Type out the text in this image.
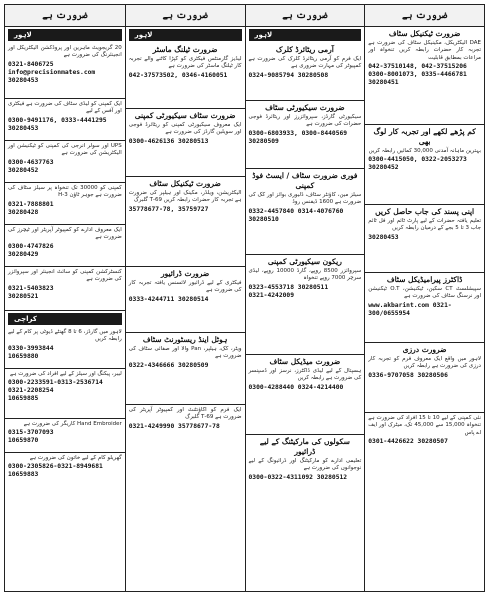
ضرورت ہے
ضرورت ٹیکنیکل سٹاف
DAE الیکٹریکل، مکینیکل سٹاف کی ضرورت ہے تجربہ کار حضرات رابطہ کریں تنخواہ اور مراعات بمطابق قابلیت
042-37510148, 042-37515206
0300-8001073, 0335-4466781
30280451
کم پڑھے لکھے اور تجربہ کار لوگ بھی
بہترین ماہانہ آمدنی 30,000 کمائیں رابطہ کریں
0300-4415050, 0322-2053273
30280452
اپنی پسند کی جاب حاصل کریں
تعلیم یافتہ حضرات کے لیے پارٹ ٹائم اور فل ٹائم جاب 3 تا 5 بجے کے درمیان رابطہ کریں
30280453
ڈاکٹرز پیرامیڈیکل سٹاف
سپیشلسٹ CT سکین، ٹیکنیشن، O.T ٹیکنیشن اور نرسنگ سٹاف کی ضرورت ہے
www.akbarint.com 0321-300/0655954
ضرورت درزی
لاہور میں واقع ایک معروف فرم کو تجربہ کار درزی کی ضرورت ہے رابطہ کریں
0336-9707058 30280506
نئی کمپنی کے لیے 10 تا 15 افراد کی ضرورت ہے تنخواہ 15,000 سے 45,000 تک، میٹرک اور ایف اے پاس
0301-4426622 30280507
ضرورت ہے
لاہور
آرمی ریٹائرڈ کلرک
ایک فرم کو آرمی ریٹائرڈ کلرک کی ضرورت ہے کمپیوٹر کی مہارت ضروری ہے
0324-9085794 30280508
ضرورت سیکیورٹی سٹاف
سیکیورٹی گارڈز، سپروائزرز اور ریٹائرڈ فوجی حضرات کی ضرورت ہے
0300-6803933, 0300-8440569
30280509
فوری ضرورت سٹاف / ایسٹ فوڈ کمپنی
سیلز مین، کاؤنٹر سٹاف، ڈلیوری بوائز اور کک کی ضرورت ہے 1600 ڈیفنس روڈ
0332-4457840 0314-4076760
30280510
ریکون سیکیورٹی کمپنی
سپروائزر 8500 روپے، گارڈ 10000 روپے، لیڈی سرچر 7000 روپے تنخواہ
0323-4553718 30280511
0321-4242009
ضرورت میڈیکل سٹاف
ہسپتال کے لیے لیڈی ڈاکٹرز، نرسز اور ڈسپنسر کی ضرورت ہے رابطہ کریں
0300-4288440 0324-4214400
سکولوں کی مارکیٹنگ کے لیے ڈرائیور
تعلیمی ادارے کو مارکیٹنگ اور ڈرائیونگ کے لیے نوجوانوں کی ضرورت ہے
0300-0322-4311092 30280512
ضرورت ہے
لاہور
ضرورت ٹیلنگ ماسٹر
لیڈیز گارمنٹس فیکٹری کو کپڑا کاٹنے والے تجربہ کار ٹیلنگ ماسٹر کی ضرورت ہے
042-37573502, 0346-4160051
ضرورت سٹاف سیکیورٹی کمپنی
ایک معروف سیکیورٹی کمپنی کو ریٹائرڈ فوجی اور سویلین گارڈز کی ضرورت ہے
0300-4626136 30280513
ضرورت ٹیکنیکل سٹاف
الیکٹریشن، ویلڈر، مکینک اور ہیلپر کی ضرورت ہے تجربہ کار حضرات رابطہ کریں 69-T گلبرگ
35778677-78, 35759727
ضرورت ڈرائیور
فیکٹری کے لیے ڈرائیور لائسنس یافتہ تجربہ کار کی ضرورت ہے
0333-4244711 30280514
ہوٹل اینڈ ریسٹورنٹ سٹاف
ویٹر، کک، ہیلپر، Pan والا اور صفائی سٹاف کی ضرورت ہے
0322-4346666 30280509
ایک فرم کو اکاؤنٹنٹ اور کمپیوٹر آپریٹر کی ضرورت ہے 69-T گلبرگ
0321-4249990 35778677-78
ضرورت ہے
لاہور
20 گریجویٹ ماہرین اور پروڈکشن الیکٹریکل اور انجینئرنگ کی ضرورت ہے
0321-8406725 info@precisionmates.com
30280453
ایک کمپنی کو لیڈی سٹاف کی ضرورت ہے فیکٹری اور آفس کے لیے
0300-9491176, 0333-4441295
30280453
UPS اور سولر انرجی کی کمپنی کو ٹیکنیشن اور الیکٹریشن کی ضرورت ہے
0300-4637763
30280452
کمپنی کو 30000 تک تنخواہ پر سیلز سٹاف کی ضرورت ہے جوہر ٹاؤن H-3
0321-7888801
30280428
ایک معروف ادارے کو کمپیوٹر آپریٹر اور ٹیچرز کی ضرورت ہے
0300-4747826
30280429
کنسٹرکشن کمپنی کو سائٹ انجینئر اور سپروائزر کی ضرورت ہے
0321-5403823
30280521
کراچی
لاہور میں گارڈز، 6 تا 8 گھنٹے ڈیوٹی پر کام کے لیے رابطہ کریں
0330-3993844
10659880
لیبر، پیکنگ اور سیلز کے لیے افراد کی ضرورت ہے
0300-2233591-0313-2536714
0321-2208254
10659885
Hand Embroider کاریگر کی ضرورت ہے
0315-3707093
10659870
گھریلو کام کے لیے خاتون کی ضرورت ہے
0300-2305826-0321-8949681
10659883
